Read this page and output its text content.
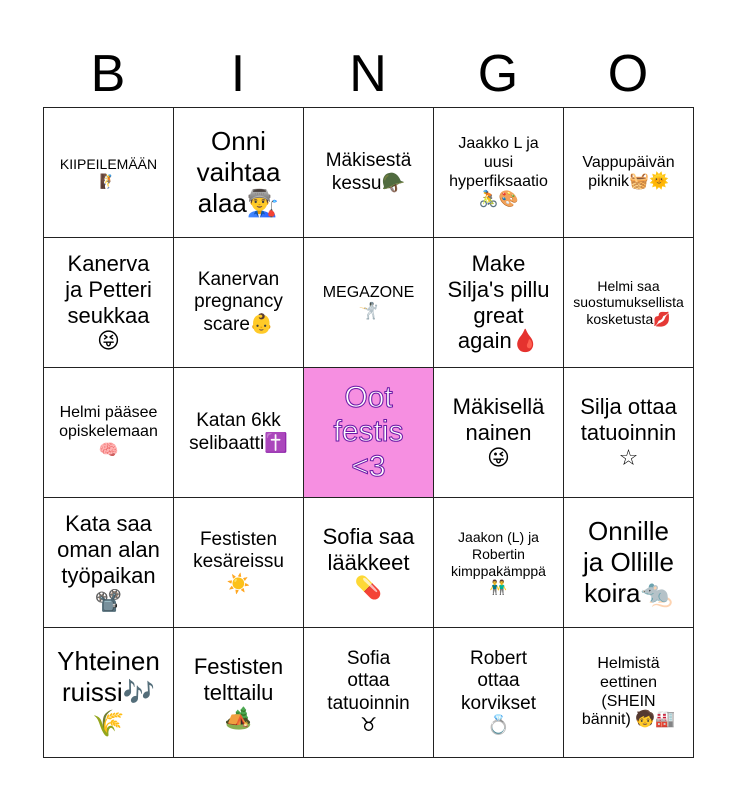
B	I	N	G	O
KIIPEILEMÄÄN
🧗
Onni
vaihtaa
alaa👨‍🏭
Mäkisestä
kessu🪖
Jaakko L ja
uusi
hyperfiksaatio
🚴🎨
Vappupäivän
piknik🧺🌞
Kanerva
ja Petteri
seukkaa
😝
Kanervan
pregnancy
scare👶
MEGAZONE
🤺
Make
Silja's pillu
great
again🩸
Helmi saa
suostumuksellista
kosketusta💋
Helmi pääsee
opiskelemaan
🧠
Katan 6kk
selibaatti✝️
Oot
festis
<3
Mäkisellä
nainen
😜
Silja ottaa
tatuoinnin
☆
Kata saa
oman alan
työpaikan
📽️
Festisten
kesäreissu
☀️
Sofia saa
lääkkeet
💊
Jaakon (L) ja
Robertin
kimppakämppä
👬
Onnille
ja Ollille
koira🐀
Yhteinen
ruissi🎶
🌾
Festisten
telttailu
🏕️
Sofia
ottaa
tatuoinnin
♉
Robert
ottaa
korvikset
💍
Helmistä
eettinen
(SHEIN
bännit) 🧒🏭
